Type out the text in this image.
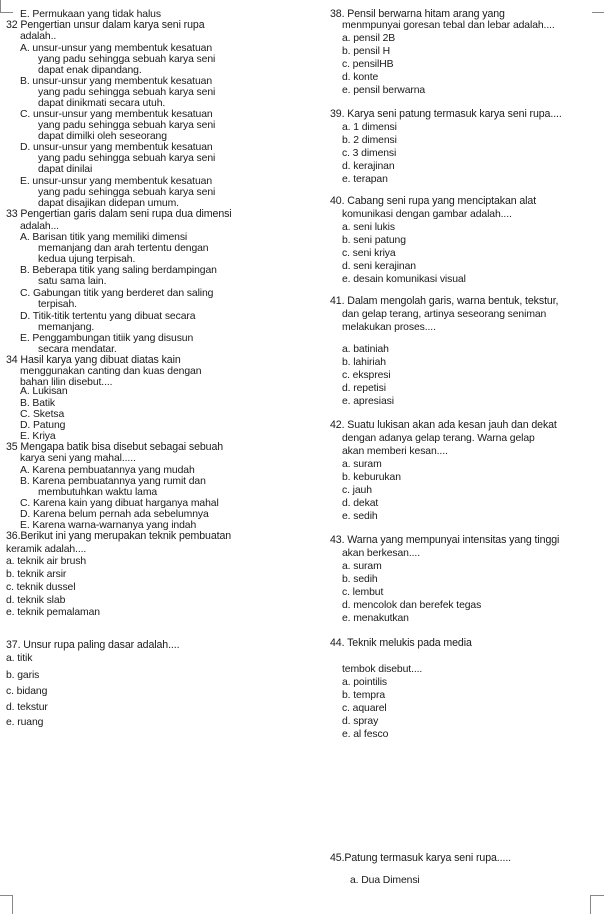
E. Permukaan yang tidak halus
32 Pengertian unsur dalam karya seni rupa
adalah..
A. unsur-unsur yang membentuk kesatuan
yang padu sehingga sebuah karya seni
dapat enak dipandang.
B. unsur-unsur yang membentuk kesatuan
yang padu sehingga sebuah karya seni
dapat dinikmati secara utuh.
C. unsur-unsur yang membentuk kesatuan
yang padu sehingga sebuah karya seni
dapat dimilki oleh seseorang
D. unsur-unsur yang membentuk kesatuan
yang padu sehingga sebuah karya seni
dapat dinilai
E. unsur-unsur yang membentuk kesatuan
yang padu sehingga sebuah karya seni
dapat disajikan didepan umum.
33 Pengertian garis dalam seni rupa dua dimensi
adalah...
A. Barisan titik yang memiliki dimensi
memanjang dan arah tertentu dengan
kedua ujung terpisah.
B. Beberapa titik yang saling berdampingan
satu sama lain.
C. Gabungan titik yang berderet dan saling
terpisah.
D. Titik-titik tertentu yang dibuat secara
memanjang.
E. Penggambungan titiik yang disusun
secara mendatar.
34 Hasil karya yang dibuat diatas kain
menggunakan canting dan kuas dengan
bahan lilin disebut....
A. Lukisan
B. Batik
C. Sketsa
D. Patung
E. Kriya
35 Mengapa batik bisa disebut sebagai sebuah
karya seni yang mahal.....
A. Karena pembuatannya yang mudah
B. Karena pembuatannya yang rumit dan
membutuhkan waktu lama
C. Karena kain yang dibuat harganya mahal
D. Karena belum pernah ada sebelumnya
E. Karena warna-warnanya yang indah
36.Berikut ini yang merupakan teknik pembuatan
keramik adalah....
a. teknik air brush
b. teknik arsir
c. teknik dussel
d. teknik slab
e. teknik pemalaman
37. Unsur rupa paling dasar adalah....
a. titik
b. garis
c. bidang
d. tekstur
e. ruang
38. Pensil berwarna hitam arang yang
menmpunyai goresan tebal dan lebar adalah....
a. pensil 2B
b. pensil H
c. pensilHB
d. konte
e. pensil berwarna
39. Karya seni patung termasuk karya seni rupa....
a. 1 dimensi
b. 2 dimensi
c. 3 dimensi
d. kerajinan
e. terapan
40. Cabang seni rupa yang menciptakan alat
komunikasi dengan gambar adalah....
a. seni lukis
b. seni patung
c. seni kriya
d. seni kerajinan
e. desain komunikasi visual
41. Dalam mengolah garis, warna bentuk, tekstur,
dan gelap terang, artinya seseorang seniman
melakukan proses....
a. batiniah
b. lahiriah
c. ekspresi
d. repetisi
e. apresiasi
42. Suatu lukisan akan ada kesan jauh dan dekat
dengan adanya gelap terang. Warna gelap
akan memberi kesan....
a. suram
b. keburukan
c. jauh
d. dekat
e. sedih
43. Warna yang mempunyai intensitas yang tinggi
akan berkesan....
a. suram
b. sedih
c. lembut
d. mencolok dan berefek tegas
e. menakutkan
44. Teknik melukis pada media
tembok disebut....
a. pointilis
b. tempra
c. aquarel
d. spray
e. al fesco
45.Patung termasuk karya seni rupa.....
a. Dua Dimensi
